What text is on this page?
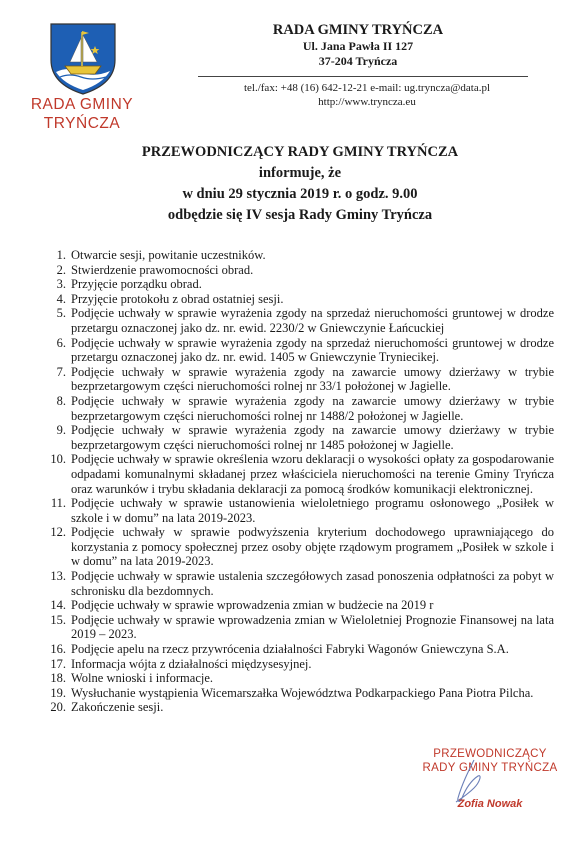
RADA GMINY
TRYŃCZA
RADA GMINY TRYŃCZA
Ul. Jana Pawła II 127
37-204 Tryńcza
tel./fax: +48 (16) 642-12-21 e-mail: ug.tryncza@data.pl
http://www.tryncza.eu
PRZEWODNICZĄCY RADY GMINY TRYŃCZA
informuje, że
w dniu 29 stycznia 2019 r. o godz. 9.00
odbędzie się IV sesja Rady Gminy Tryńcza
1. Otwarcie sesji, powitanie uczestników.
2. Stwierdzenie prawomocności obrad.
3. Przyjęcie porządku obrad.
4. Przyjęcie protokołu z obrad ostatniej sesji.
5. Podjęcie uchwały w sprawie wyrażenia zgody na sprzedaż nieruchomości gruntowej w drodze przetargu oznaczonej jako dz. nr. ewid. 2230/2 w Gniewczynie Łańcuckiej
6. Podjęcie uchwały w sprawie wyrażenia zgody na sprzedaż nieruchomości gruntowej w drodze przetargu oznaczonej jako dz. nr. ewid. 1405 w Gniewczynie Tryniecikej.
7. Podjęcie uchwały w sprawie wyrażenia zgody na zawarcie umowy dzierżawy w trybie bezprzetargowym części nieruchomości rolnej nr 33/1 położonej w Jagielle.
8. Podjęcie uchwały w sprawie wyrażenia zgody na zawarcie umowy dzierżawy w trybie bezprzetargowym części nieruchomości rolnej nr 1488/2 położonej w Jagielle.
9. Podjęcie uchwały w sprawie wyrażenia zgody na zawarcie umowy dzierżawy w trybie bezprzetargowym części nieruchomości rolnej nr 1485 położonej w Jagielle.
10. Podjęcie uchwały w sprawie określenia wzoru deklaracji o wysokości opłaty za gospodarowanie odpadami komunalnymi składanej przez właściciela nieruchomości na terenie Gminy Tryńcza oraz warunków i trybu składania deklaracji za pomocą środków komunikacji elektronicznej.
11. Podjęcie uchwały w sprawie ustanowienia wieloletniego programu osłonowego „Posiłek w szkole i w domu” na lata 2019-2023.
12. Podjęcie uchwały w sprawie podwyższenia kryterium dochodowego uprawniającego do korzystania z pomocy społecznej przez osoby objęte rządowym programem „Posiłek w szkole i w domu” na lata 2019-2023.
13. Podjęcie uchwały w sprawie ustalenia szczegółowych zasad ponoszenia odpłatności za pobyt w schronisku dla bezdomnych.
14. Podjęcie uchwały w sprawie wprowadzenia zmian w budżecie na 2019 r
15. Podjęcie uchwały w sprawie wprowadzenia zmian w Wieloletniej Prognozie Finansowej na lata 2019 – 2023.
16. Podjęcie apelu na rzecz przywrócenia działalności Fabryki Wagonów Gniewczyna S.A.
17. Informacja wójta z działalności międzysesyjnej.
18. Wolne wnioski i informacje.
19. Wysłuchanie wystąpienia Wicemarszałka Województwa Podkarpackiego Pana Piotra Pilcha.
20. Zakończenie sesji.
PRZEWODNICZĄCY
RADY GMINY TRYŃCZA
Zofia Nowak
